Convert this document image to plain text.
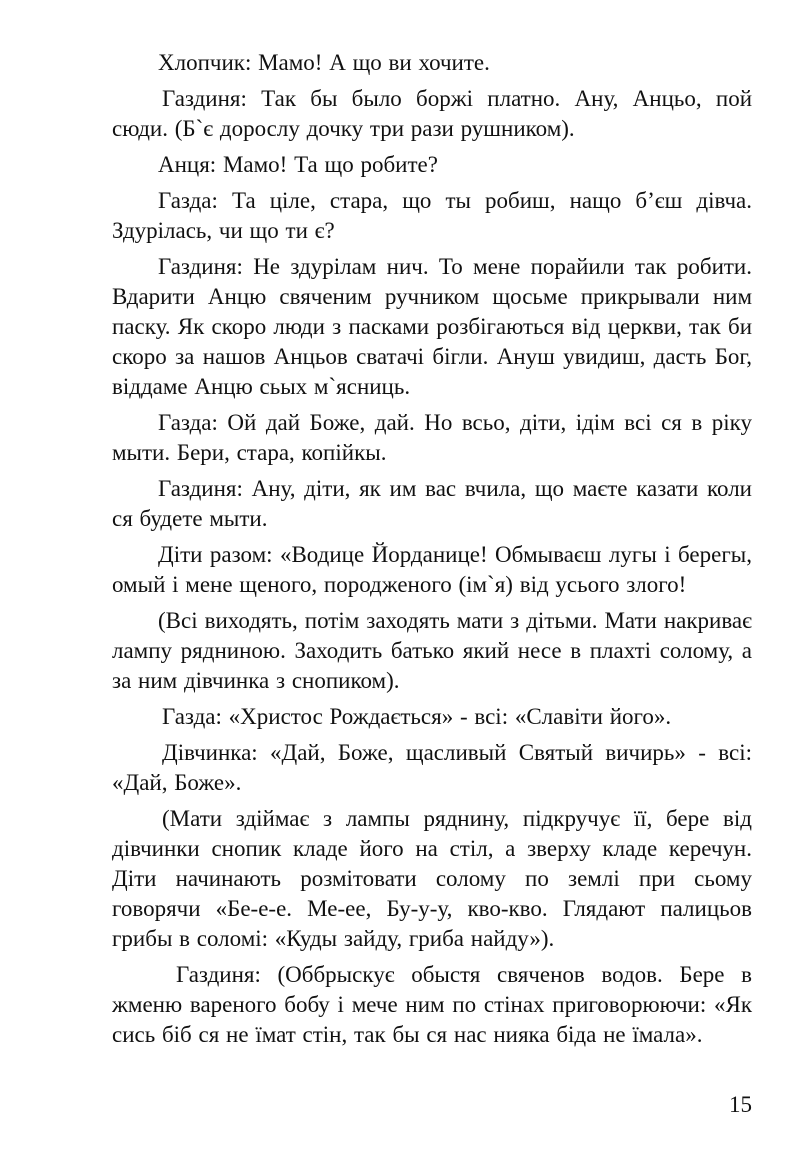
Хлопчик: Мамо! А що ви хочите.

Газдиня: Так бы было боржі платно. Ану, Анцьо, пой сюди. (Б`є дорослу дочку три рази рушником).

Анця: Мамо! Та що робите?

Газда: Та ціле, стара, що ты робиш, нащо б’єш дівча. Здурілась, чи що ти є?

Газдиня: Не здурілам нич. То мене порайили так робити. Вдарити Анцю свяченим ручником щосьме прикрывали ним паску. Як скоро люди з пасками розбігаються від церкви, так би скоро за нашов Анцьов сватачі бігли. Ануш увидиш, дасть Бог, віддаме Анцю сьых м`ясниць.

Газда: Ой дай Боже, дай. Но всьо, діти, ідім всі ся в ріку мыти. Бери, стара, копійкы.

Газдиня: Ану, діти, як им вас вчила, що маєте казати коли ся будете мыти.

Діти разом: «Водице Йорданице! Обмываєш лугы і берегы, омый і мене щеного, породженого (ім`я) від усього злого!

(Всі виходять, потім заходять мати з дітьми. Мати накриває лампу рядниною. Заходить батько який несе в плахті солому, а за ним дівчинка з снопиком).

Газда: «Христос Рождається» - всі: «Славіти його».

Дівчинка: «Дай, Боже, щасливый Святый вичирь» - всі: «Дай, Боже».

(Мати здіймає з лампы ряднину, підкручує її, бере від дівчинки снопик кладе його на стіл, а зверху кладе керечун. Діти начинають розмітовати солому по землі при сьому говорячи «Бе-е-е. Ме-ее, Бу-у-у, кво-кво. Глядают палицьов грибы в соломі: «Куды зайду, гриба найду»).

Газдиня: (Оббрыскує обыстя свяченов водов. Бере в жменю вареного бобу і мече ним по стінах приговорюючи: «Як сись біб ся не їмат стін, так бы ся нас нияка біда не їмала».

15
